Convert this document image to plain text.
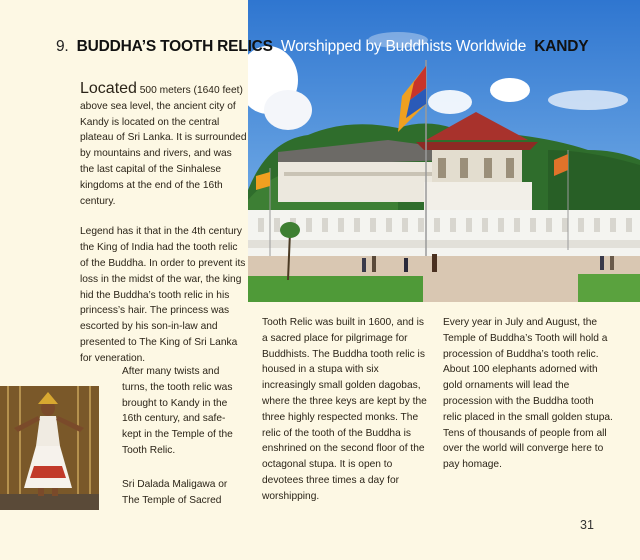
9. BUDDHA’S TOOTH RELICS Worshipped by Buddhists Worldwide KANDY

Located 500 meters (1640 feet) above sea level, the ancient city of Kandy is located on the central plateau of Sri Lanka. It is surrounded by mountains and rivers, and was the last capital of the Sinhalese kingdoms at the end of the 16th century.

Legend has it that in the 4th century the King of India had the tooth relic of the Buddha. In order to prevent its loss in the midst of the war, the king hid the Buddha’s tooth relic in his princess’s hair. The princess was escorted by his son-in-law and presented to The King of Sri Lanka for veneration.

After many twists and turns, the tooth relic was brought to Kandy in the 16th century, and safe-kept in the Temple of the Tooth Relic.

Sri Dalada Maligawa or The Temple of Sacred

Tooth Relic was built in 1600, and is a sacred place for pilgrimage for Buddhists. The Buddha tooth relic is housed in a stupa with six increasingly small golden dagobas, where the three keys are kept by the three highly respected monks. The relic of the tooth of the Buddha is enshrined on the second floor of the octagonal stupa. It is open to devotees three times a day for worshipping.

Every year in July and August, the Temple of Buddha’s Tooth will hold a procession of Buddha’s tooth relic. About 100 elephants adorned with gold ornaments will lead the procession with the Buddha tooth relic placed in the small golden stupa. Tens of thousands of people from all over the world will converge here to pay homage.

31
